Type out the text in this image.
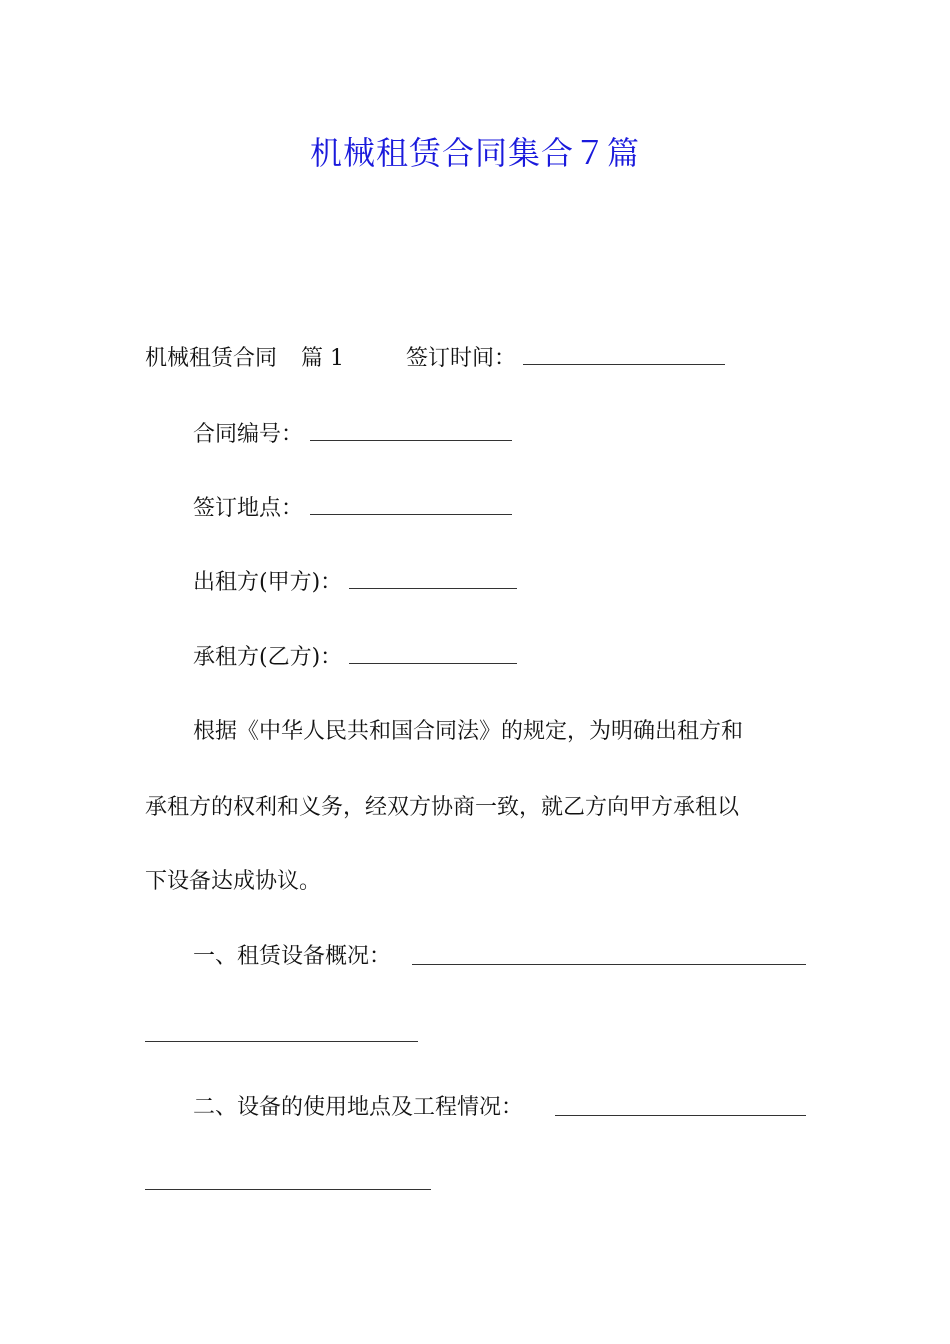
机械租赁合同集合７篇
机械租赁合同 篇 1	签订时间：
合同编号：
签订地点：
出租方(甲方)：
承租方(乙方)：
根据《中华人民共和国合同法》的规定，为明确出租方和
承租方的权利和义务，经双方协商一致，就乙方向甲方承租以
下设备达成协议。
一、租赁设备概况：
二、设备的使用地点及工程情况：
